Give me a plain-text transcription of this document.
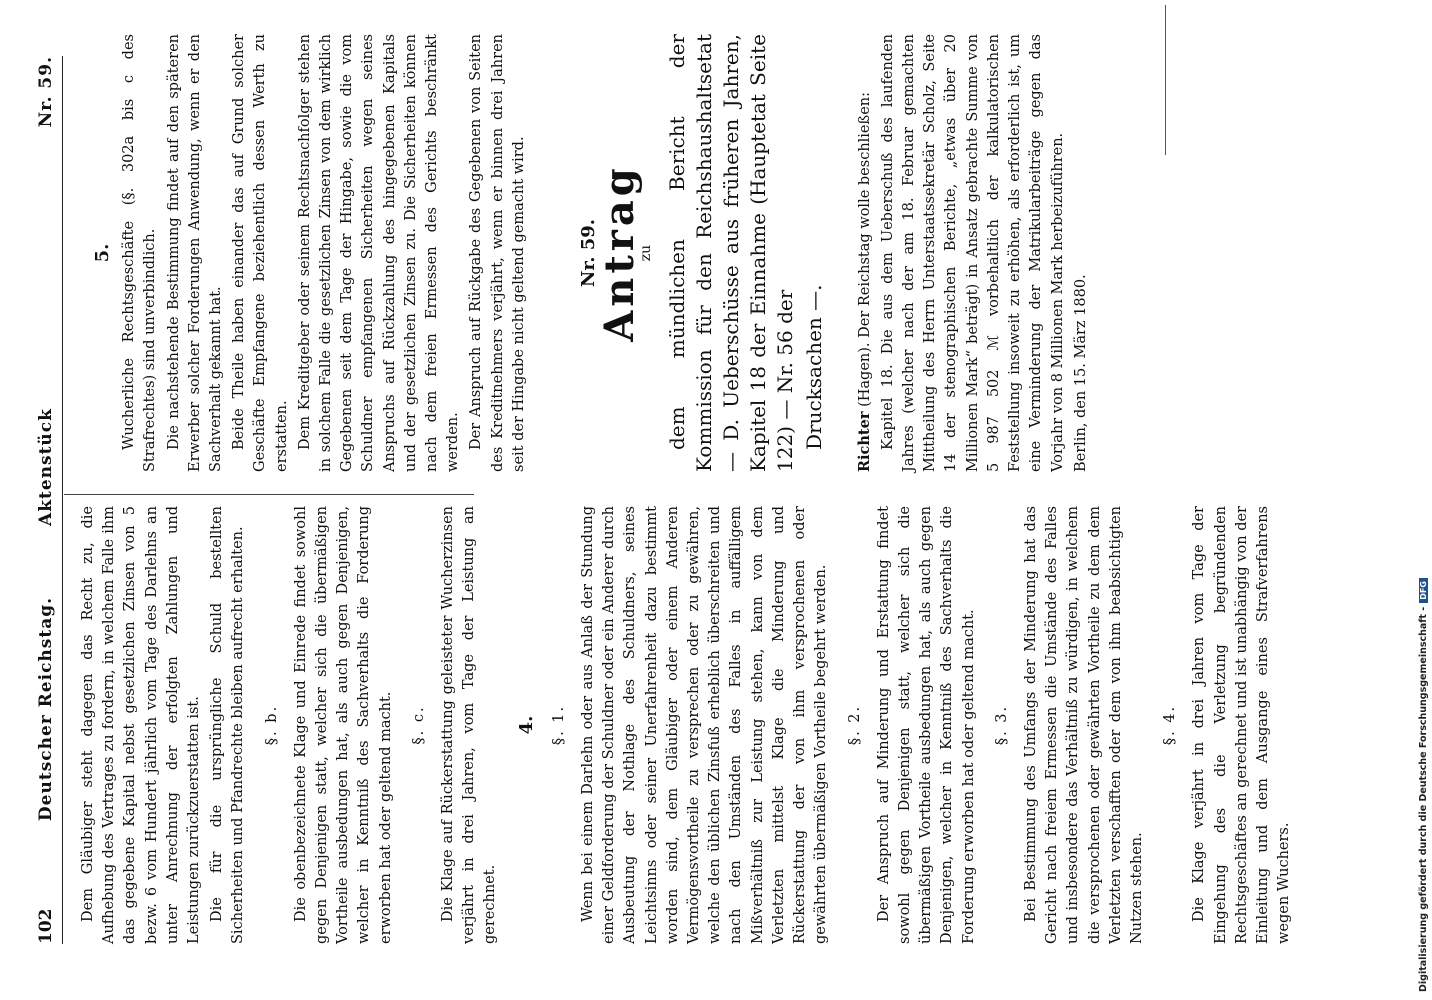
102
Deutscher Reichstag.
Aktenstück
Nr. 59.

Dem Gläubiger steht dagegen das Recht zu, die Aufhebung des Vertrages zu fordern, in welchem Falle ihm das gegebene Kapital nebst gesetzlichen Zinsen von 5 bezw. 6 vom Hundert jährlich vom Tage des Darlehns an unter Anrechnung der erfolgten Zahlungen und Leistungen zurückzuerstatten ist. Die für die ursprüngliche Schuld bestellten Sicherheiten und Pfandrechte bleiben aufrecht erhalten. §. b. Die obenbezeichnete Klage und Einrede findet sowohl gegen Denjenigen statt, welcher sich die übermäßigen Vortheile ausbedungen hat, als auch gegen Denjenigen, welcher in Kenntniß des Sachverhalts die Forderung erworben hat oder geltend macht. §. c. Die Klage auf Rückerstattung geleisteter Wucherzinsen verjährt in drei Jahren, vom Tage der Leistung an gerechnet.

4. §. 1. Wenn bei einem Darlehn oder aus Anlaß der Stundung einer Geldforderung der Schuldner oder ein Anderer durch Ausbeutung der Nothlage des Schuldners, seines Leichtsinns oder seiner Unerfahrenheit dazu bestimmt worden sind, dem Gläubiger oder einem Anderen Vermögensvortheile zu versprechen oder zu gewähren, welche den üblichen Zinsfuß erheblich überschreiten und nach den Umständen des Falles in auffälligem Mißverhältniß zur Leistung stehen, kann von dem Verletzten mittelst Klage die Minderung und Rückerstattung der von ihm versprochenen oder gewährten übermäßigen Vortheile begehrt werden. §. 2. Der Anspruch auf Minderung und Erstattung findet sowohl gegen Denjenigen statt, welcher sich die übermäßigen Vortheile ausbedungen hat, als auch gegen Denjenigen, welcher in Kenntniß des Sachverhalts die Forderung erworben hat oder geltend macht. §. 3. Bei Bestimmung des Umfangs der Minderung hat das Gericht nach freiem Ermessen die Umstände des Falles und insbesondere das Verhältniß zu würdigen, in welchem die versprochenen oder gewährten Vortheile zu dem dem Verletzten verschafften oder dem von ihm beabsichtigten Nutzen stehen.

§. 4. Die Klage verjährt in drei Jahren vom Tage der Eingehung des die Verletzung begründenden Rechtsgeschäftes an gerechnet und ist unabhängig von der Einleitung und dem Ausgange eines Strafverfahrens wegen Wuchers.

5. Wucherliche Rechtsgeschäfte (§. 302a bis c des Strafrechtes) sind unverbindlich. Die nachstehende Bestimmung findet auf den späteren Erwerber solcher Forderungen Anwendung, wenn er den Sachverhalt gekannt hat. Beide Theile haben einander das auf Grund solcher Geschäfte Empfangene beziehentlich dessen Werth zu erstatten. Dem Kreditgeber oder seinem Rechtsnachfolger stehen in solchem Falle die gesetzlichen Zinsen von dem wirklich Gegebenen seit dem Tage der Hingabe, sowie die vom Schuldner empfangenen Sicherheiten wegen seines Anspruchs auf Rückzahlung des hingegebenen Kapitals und der gesetzlichen Zinsen zu. Die Sicherheiten können nach dem freien Ermessen des Gerichts beschränkt werden. Der Anspruch auf Rückgabe des Gegebenen von Seiten des Kreditnehmers verjährt, wenn er binnen drei Jahren seit der Hingabe nicht geltend gemacht wird.	Nr. 59.
Antrag
zu dem mündlichen Bericht der Kommission für den Reichshaushaltsetat — D. Ueberschüsse aus früheren Jahren, Kapitel 18 der Einnahme (Hauptetat Seite 122) — Nr. 56 der Drucksachen —. Richter (Hagen). Der Reichstag wolle beschließen: Kapitel 18. Die aus dem Ueberschuß des laufenden Jahres (welcher nach der am 18. Februar gemachten Mittheilung des Herrn Unterstaatssekretär Scholz, Seite 14 der stenographischen Berichte, „etwas über 20 Millionen Mark“ beträgt) in Ansatz gebrachte Summe von 5 987 502 ℳ vorbehaltlich der kalkulatorischen Feststellung insoweit zu erhöhen, als erforderlich ist, um eine Verminderung der Matrikularbeiträge gegen das Vorjahr von 8 Millionen Mark herbeizuführen. Berlin, den 15. März 1880.

Digitalisierung gefördert durch die Deutsche Forschungsgemeinschaft -DFG
